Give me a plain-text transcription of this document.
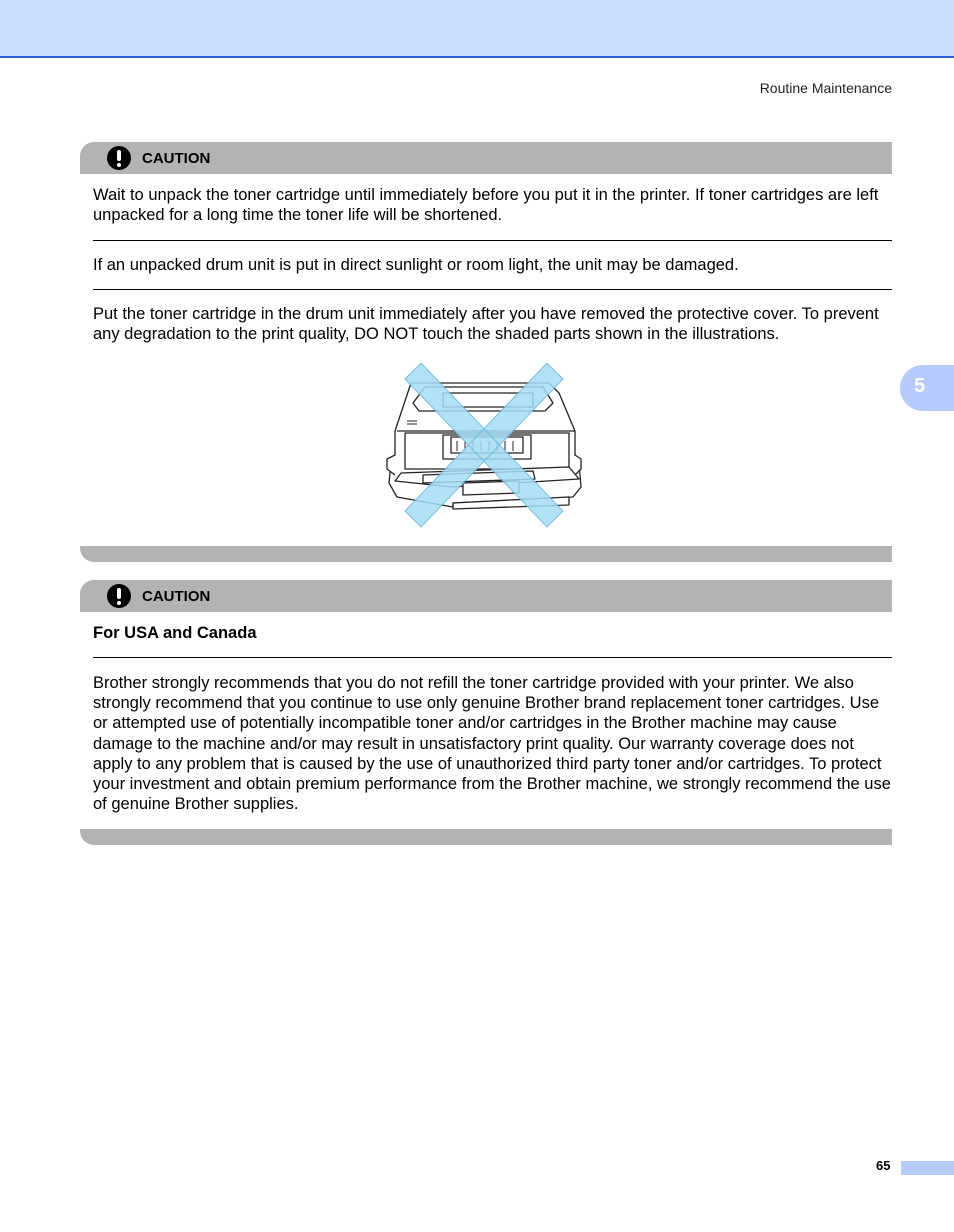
Routine Maintenance
5
CAUTION
Wait to unpack the toner cartridge until immediately before you put it in the printer. If toner cartridges are left unpacked for a long time the toner life will be shortened.
If an unpacked drum unit is put in direct sunlight or room light, the unit may be damaged.
Put the toner cartridge in the drum unit immediately after you have removed the protective cover. To prevent any degradation to the print quality, DO NOT touch the shaded parts shown in the illustrations.
CAUTION
For USA and Canada
Brother strongly recommends that you do not refill the toner cartridge provided with your printer. We also strongly recommend that you continue to use only genuine Brother brand replacement toner cartridges. Use or attempted use of potentially incompatible toner and/or cartridges in the Brother machine may cause damage to the machine and/or may result in unsatisfactory print quality. Our warranty coverage does not apply to any problem that is caused by the use of unauthorized third party toner and/or cartridges. To protect your investment and obtain premium performance from the Brother machine, we strongly recommend the use of genuine Brother supplies.
65
